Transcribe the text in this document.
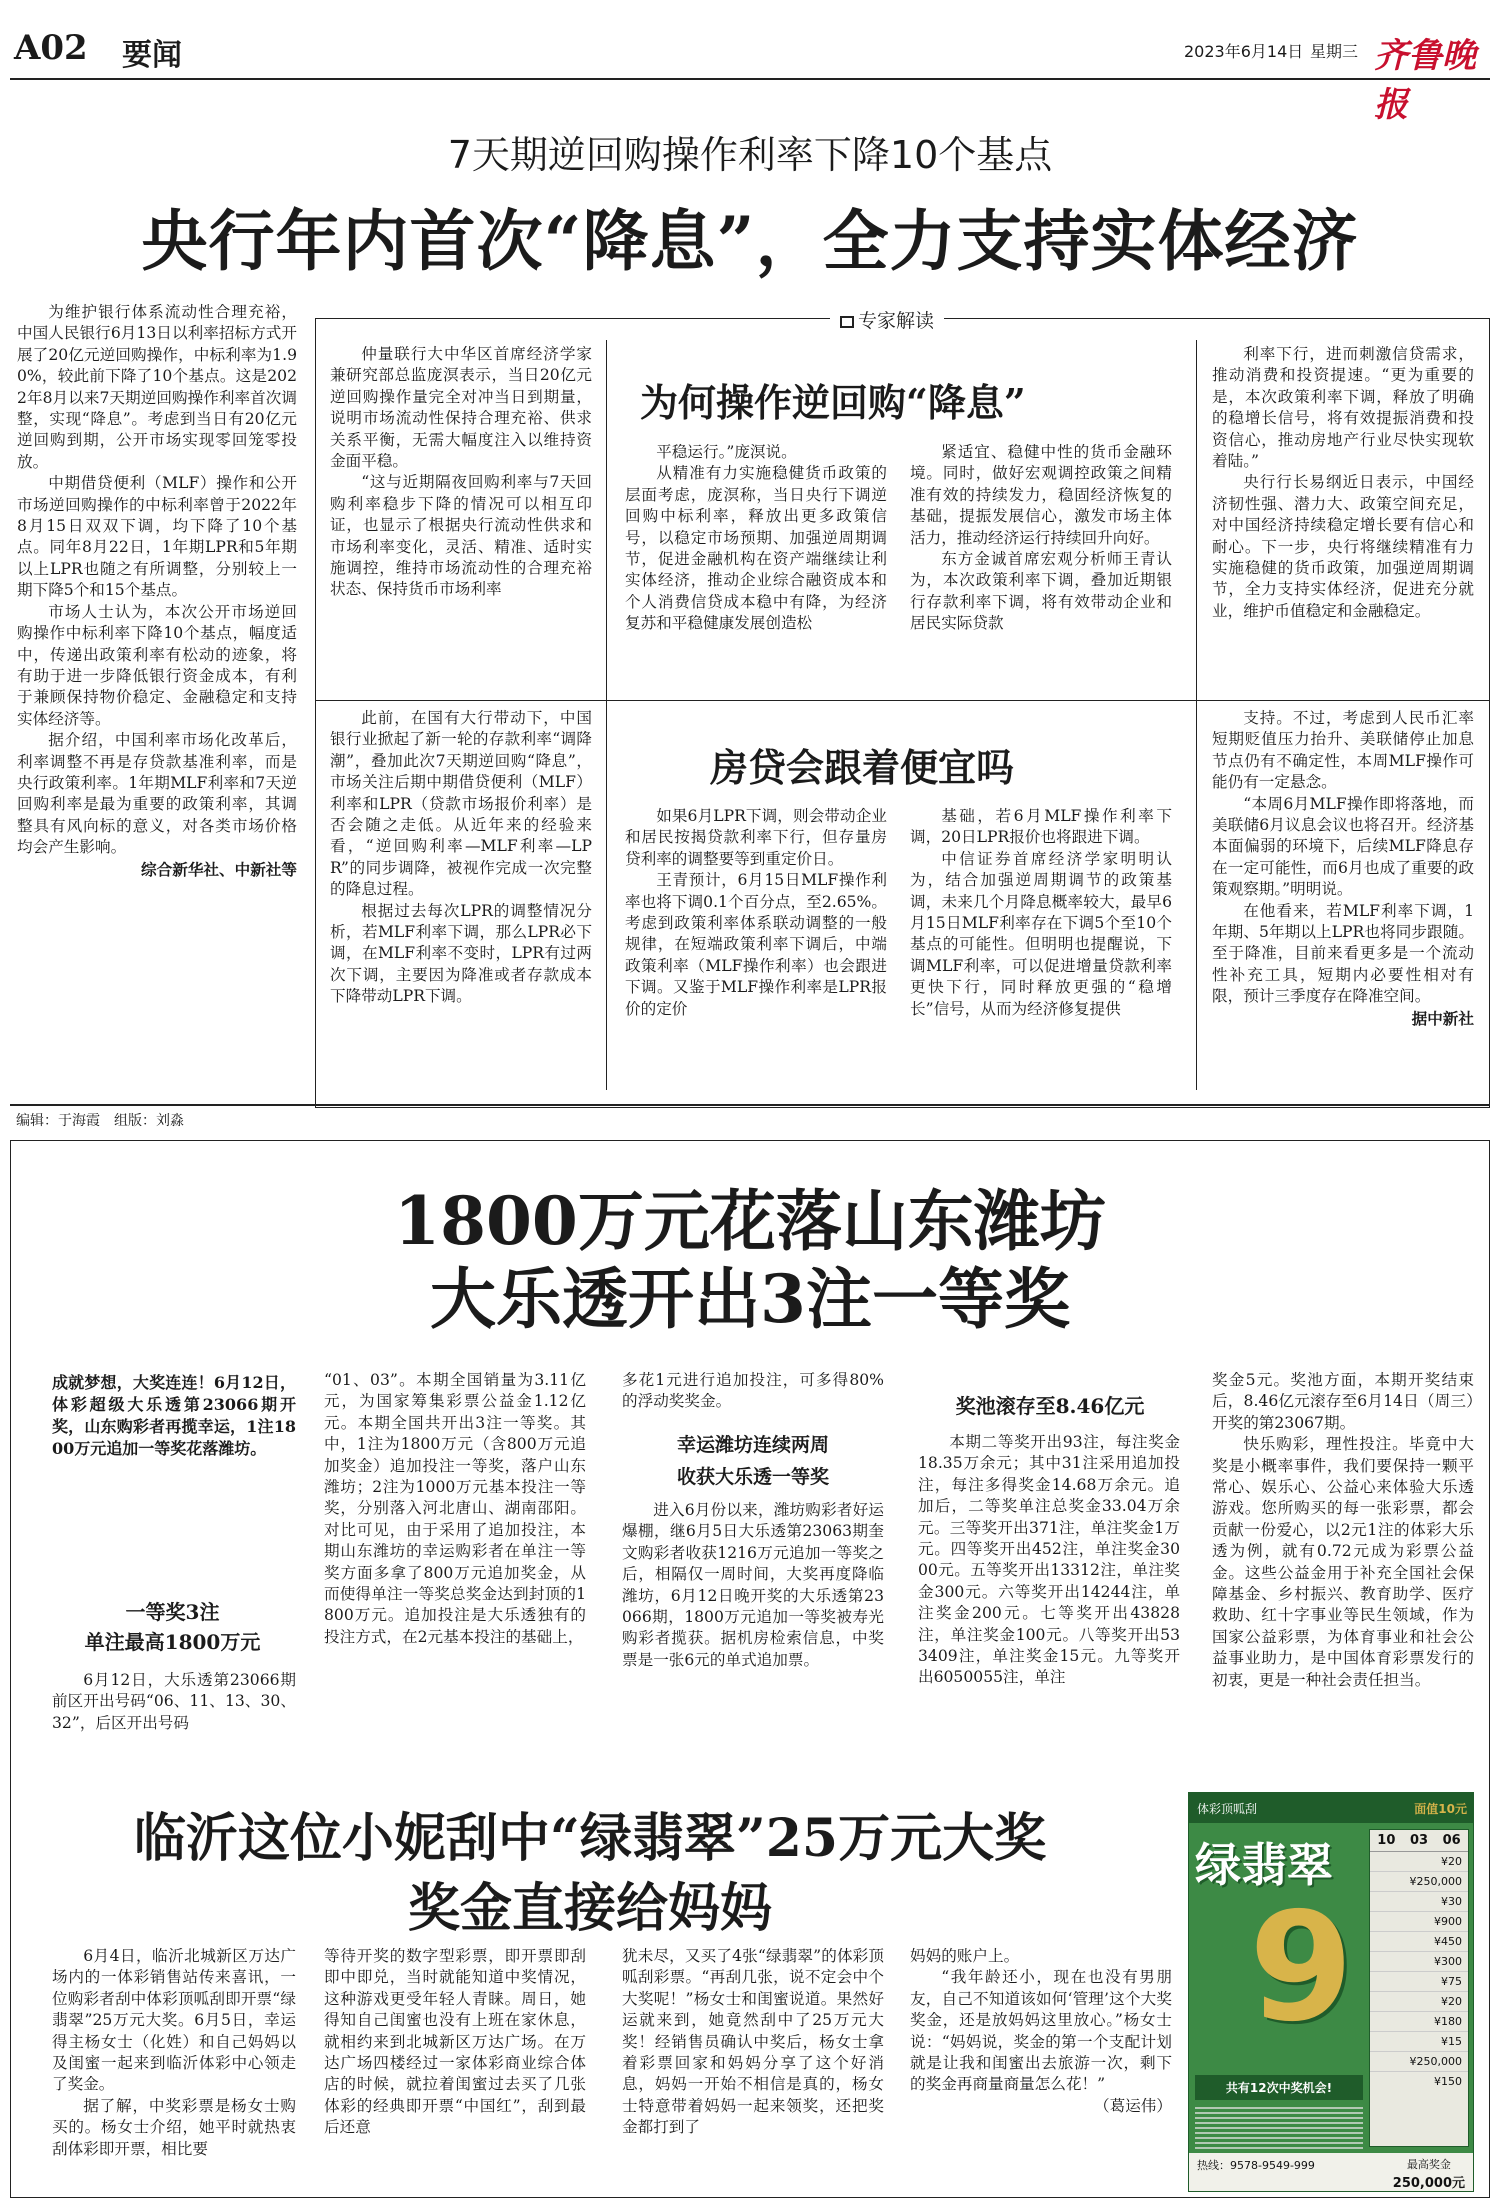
A02 要闻	2023年6月14日 星期三 齐鲁晚报
7天期逆回购操作利率下降10个基点
央行年内首次“降息”，全力支持实体经济

为维护银行体系流动性合理充裕，中国人民银行6月13日以利率招标方式开展了20亿元逆回购操作，中标利率为1.90%，较此前下降了10个基点。这是2022年8月以来7天期逆回购操作利率首次调整，实现“降息”。考虑到当日有20亿元逆回购到期，公开市场实现零回笼零投放。

中期借贷便利（MLF）操作和公开市场逆回购操作的中标利率曾于2022年8月15日双双下调，均下降了10个基点。同年8月22日，1年期LPR和5年期以上LPR也随之有所调整，分别较上一期下降5个和15个基点。

市场人士认为，本次公开市场逆回购操作中标利率下降10个基点，幅度适中，传递出政策利率有松动的迹象，将有助于进一步降低银行资金成本，有利于兼顾保持物价稳定、金融稳定和支持实体经济等。

据介绍，中国利率市场化改革后，利率调整不再是存贷款基准利率，而是央行政策利率。1年期MLF利率和7天逆回购利率是最为重要的政策利率，其调整具有风向标的意义，对各类市场价格均会产生影响。

综合新华社、中新社等

专家解读
为何操作逆回购“降息”

仲量联行大中华区首席经济学家兼研究部总监庞溟表示，当日20亿元逆回购操作量完全对冲当日到期量，说明市场流动性保持合理充裕、供求关系平衡，无需大幅度注入以维持资金面平稳。

“这与近期隔夜回购利率与7天回购利率稳步下降的情况可以相互印证，也显示了根据央行流动性供求和市场利率变化，灵活、精准、适时实施调控，维持市场流动性的合理充裕状态、保持货币市场利率

平稳运行。”庞溟说。

从精准有力实施稳健货币政策的层面考虑，庞溟称，当日央行下调逆回购中标利率，释放出更多政策信号，以稳定市场预期、加强逆周期调节，促进金融机构在资产端继续让利实体经济，推动企业综合融资成本和个人消费信贷成本稳中有降，为经济复苏和平稳健康发展创造松

紧适宜、稳健中性的货币金融环境。同时，做好宏观调控政策之间精准有效的持续发力，稳固经济恢复的基础，提振发展信心，激发市场主体活力，推动经济运行持续回升向好。

东方金诚首席宏观分析师王青认为，本次政策利率下调，叠加近期银行存款利率下调，将有效带动企业和居民实际贷款

利率下行，进而刺激信贷需求，推动消费和投资提速。“更为重要的是，本次政策利率下调，释放了明确的稳增长信号，将有效提振消费和投资信心，推动房地产行业尽快实现软着陆。”

央行行长易纲近日表示，中国经济韧性强、潜力大、政策空间充足，对中国经济持续稳定增长要有信心和耐心。下一步，央行将继续精准有力实施稳健的货币政策，加强逆周期调节，全力支持实体经济，促进充分就业，维护币值稳定和金融稳定。

房贷会跟着便宜吗

此前，在国有大行带动下，中国银行业掀起了新一轮的存款利率“调降潮”，叠加此次7天期逆回购“降息”，市场关注后期中期借贷便利（MLF）利率和LPR（贷款市场报价利率）是否会随之走低。从近年来的经验来看，“逆回购利率—MLF利率—LPR”的同步调降，被视作完成一次完整的降息过程。

根据过去每次LPR的调整情况分析，若MLF利率下调，那么LPR必下调，在MLF利率不变时，LPR有过两次下调，主要因为降准或者存款成本下降带动LPR下调。

如果6月LPR下调，则会带动企业和居民按揭贷款利率下行，但存量房贷利率的调整要等到重定价日。

王青预计，6月15日MLF操作利率也将下调0.1个百分点，至2.65%。考虑到政策利率体系联动调整的一般规律，在短端政策利率下调后，中端政策利率（MLF操作利率）也会跟进下调。又鉴于MLF操作利率是LPR报价的定价

基础，若6月MLF操作利率下调，20日LPR报价也将跟进下调。

中信证券首席经济学家明明认为，结合加强逆周期调节的政策基调，未来几个月降息概率较大，最早6月15日MLF利率存在下调5个至10个基点的可能性。但明明也提醒说，下调MLF利率，可以促进增量贷款利率更快下行，同时释放更强的“稳增长”信号，从而为经济修复提供

支持。不过，考虑到人民币汇率短期贬值压力抬升、美联储停止加息节点仍有不确定性，本周MLF操作可能仍有一定悬念。

“本周6月MLF操作即将落地，而美联储6月议息会议也将召开。经济基本面偏弱的环境下，后续MLF降息存在一定可能性，而6月也成了重要的政策观察期。”明明说。

在他看来，若MLF利率下调，1年期、5年期以上LPR也将同步跟随。至于降准，目前来看更多是一个流动性补充工具，短期内必要性相对有限，预计三季度存在降准空间。

据中新社

编辑：于海霞　组版：刘淼
1800万元花落山东潍坊
大乐透开出3注一等奖
成就梦想，大奖连连！6月12日，体彩超级大乐透第23066期开奖，山东购彩者再揽幸运，1注1800万元追加一等奖花落潍坊。
一等奖3注
单注最高1800万元

6月12日，大乐透第23066期前区开出号码“06、11、13、30、32”，后区开出号码

“01、03”。本期全国销量为3.11亿元，为国家筹集彩票公益金1.12亿元。本期全国共开出3注一等奖。其中，1注为1800万元（含800万元追加奖金）追加投注一等奖，落户山东潍坊；2注为1000万元基本投注一等奖，分别落入河北唐山、湖南邵阳。对比可见，由于采用了追加投注，本期山东潍坊的幸运购彩者在单注一等奖方面多拿了800万元追加奖金，从而使得单注一等奖总奖金达到封顶的1800万元。追加投注是大乐透独有的投注方式，在2元基本投注的基础上，

多花1元进行追加投注，可多得80%的浮动奖奖金。

幸运潍坊连续两周
收获大乐透一等奖

进入6月份以来，潍坊购彩者好运爆棚，继6月5日大乐透第23063期奎文购彩者收获1216万元追加一等奖之后，相隔仅一周时间，大奖再度降临潍坊，6月12日晚开奖的大乐透第23066期，1800万元追加一等奖被寿光购彩者揽获。据机房检索信息，中奖票是一张6元的单式追加票。

奖池滚存至8.46亿元

本期二等奖开出93注，每注奖金18.35万余元；其中31注采用追加投注，每注多得奖金14.68万余元。追加后，二等奖单注总奖金33.04万余元。三等奖开出371注，单注奖金1万元。四等奖开出452注，单注奖金3000元。五等奖开出13312注，单注奖金300元。六等奖开出14244注，单注奖金200元。七等奖开出43828注，单注奖金100元。八等奖开出533409注，单注奖金15元。九等奖开出6050055注，单注

奖金5元。奖池方面，本期开奖结束后，8.46亿元滚存至6月14日（周三）开奖的第23067期。

快乐购彩，理性投注。毕竟中大奖是小概率事件，我们要保持一颗平常心、娱乐心、公益心来体验大乐透游戏。您所购买的每一张彩票，都会贡献一份爱心，以2元1注的体彩大乐透为例，就有0.72元成为彩票公益金。这些公益金用于补充全国社会保障基金、乡村振兴、教育助学、医疗救助、红十字事业等民生领域，作为国家公益彩票，为体育事业和社会公益事业助力，是中国体育彩票发行的初衷，更是一种社会责任担当。

临沂这位小妮刮中“绿翡翠”25万元大奖
奖金直接给妈妈

6月4日，临沂北城新区万达广场内的一体彩销售站传来喜讯，一位购彩者刮中体彩顶呱刮即开票“绿翡翠”25万元大奖。6月5日，幸运得主杨女士（化姓）和自己妈妈以及闺蜜一起来到临沂体彩中心领走了奖金。

据了解，中奖彩票是杨女士购买的。杨女士介绍，她平时就热衷刮体彩即开票，相比要

等待开奖的数字型彩票，即开票即刮即中即兑，当时就能知道中奖情况，这种游戏更受年轻人青睐。周日，她得知自己闺蜜也没有上班在家休息，就相约来到北城新区万达广场。在万达广场四楼经过一家体彩商业综合体店的时候，就拉着闺蜜过去买了几张体彩的经典即开票“中国红”，刮到最后还意

犹未尽，又买了4张“绿翡翠”的体彩顶呱刮彩票。“再刮几张，说不定会中个大奖呢！”杨女士和闺蜜说道。果然好运就来到，她竟然刮中了25万元大奖！经销售员确认中奖后，杨女士拿着彩票回家和妈妈分享了这个好消息，妈妈一开始不相信是真的，杨女士特意带着妈妈一起来领奖，还把奖金都打到了

妈妈的账户上。

“我年龄还小，现在也没有男朋友，自己不知道该如何‘管理’这个大奖奖金，还是放妈妈这里放心。”杨女士说：“妈妈说，奖金的第一个支配计划就是让我和闺蜜出去旅游一次，剩下的奖金再商量商量怎么花！”

（葛运伟）

体彩顶呱刮	面值10元
绿翡翠
9
共有12次中奖机会!
10 03 06
¥20
¥250,000
¥30
¥900
¥450
¥300
¥75
¥20
¥180
¥15
¥250,000
¥150
热线：9578-9549-999	最高奖金
250,000元
